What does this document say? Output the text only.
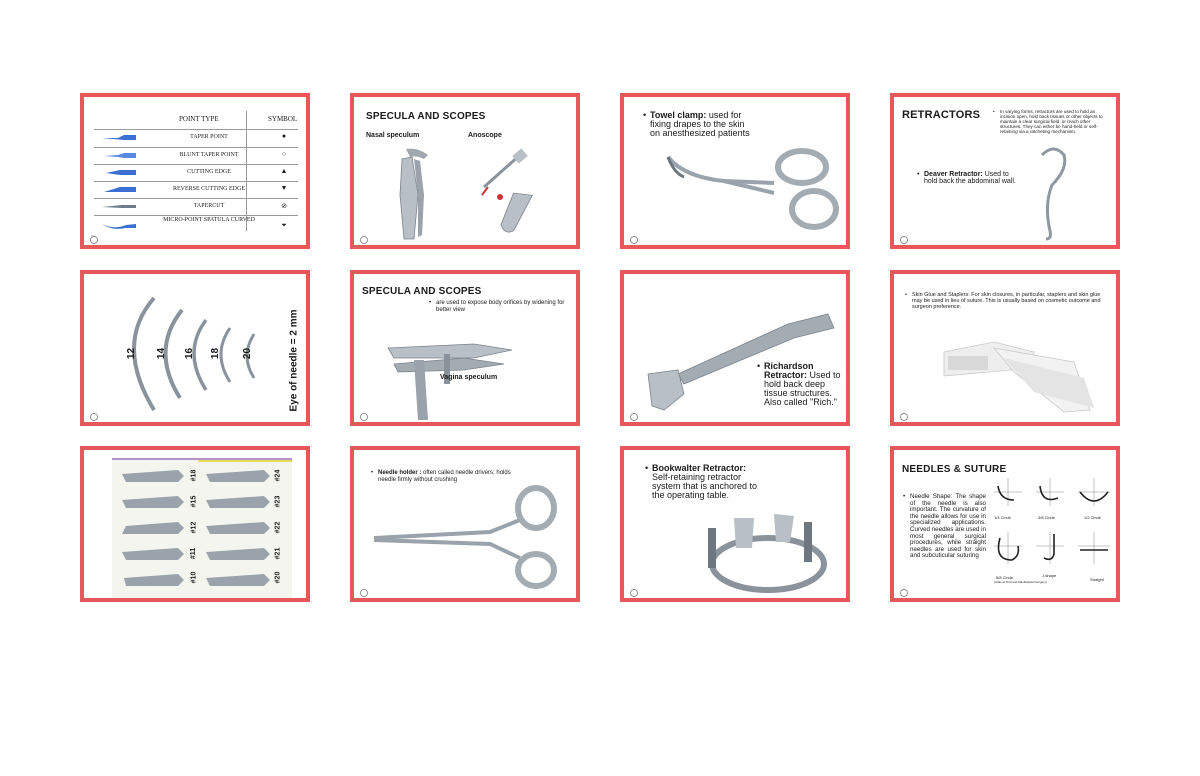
POINT TYPE	SYMBOL
TAPER POINT	●
BLUNT TAPER POINT	○
CUTTING EDGE	▲
REVERSE CUTTING EDGE	▼
TAPERCUT	⊘
MICRO-POINT SPATULA CURVED
⏷
Cl
SPECULA AND SCOPES
Nasal speculum	Anoscope
• Towel clamp: used for fixing drapes to the skin on anesthesized patients
RETRACTORS
•	In varying forms, retractors are used to hold an incision open, hold back tissues or other objects to maintain a clear surgical field, or reach other structures. They can either be hand-held or self-retaining via a ratcheting mechanism.
• Deaver Retractor: Used to hold back the abdominal wall.
12 14 16 18 20	Eye of needle = 2 mm
SPECULA AND SCOPES
• are used to expose body orifices by widening for better view
Vagina speculum
• Richardson Retractor: Used to hold back deep tissue structures. Also called "Rich."
• Skin Glue and Staplers: For skin closures, in particular, staplers and skin glue may be used in lieu of suture. This is usually based on cosmetic outcome and surgeon preference.
#18	#24
#15	#23
#12	#22
#11	#21
#10	#20
• Needle holder : often called needle drivers; holds needle firmly without crushing
• Bookwalter Retractor: Self-retaining retractor system that is anchored to the operating table.
NEEDLES & SUTURE
• Needle Shape: The shape of the needle is also important. The curvature of the needle allows for use in specialized applications. Curved needles are used in most general surgical procedures, while straight needles are used for skin and subcuticular suturing
1/4 Circle	3/8 Circle	1/2 Circle
5/8 Circle	J-shape
Straight
(Atlas of Oral and Maxillofacial Surgery)
